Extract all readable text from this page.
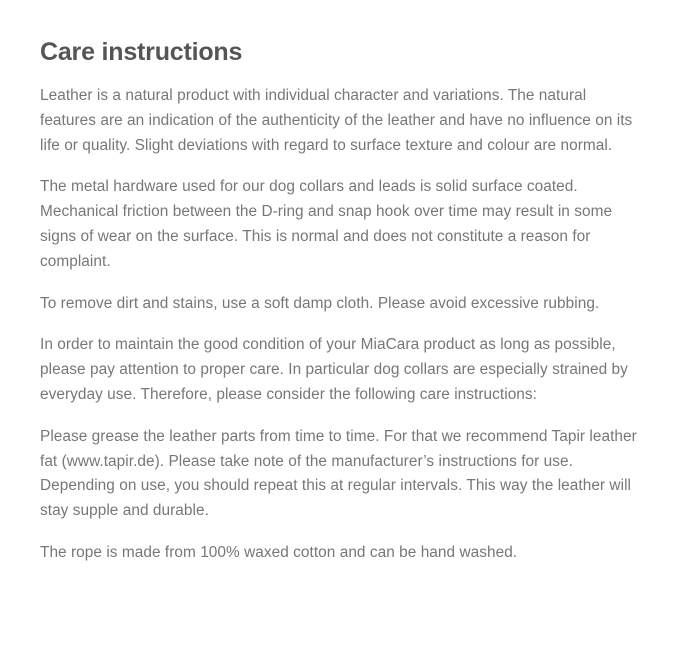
Care instructions

Leather is a natural product with individual character and variations. The natural features are an indication of the authenticity of the leather and have no influence on its life or quality. Slight deviations with regard to surface texture and colour are normal.

The metal hardware used for our dog collars and leads is solid surface coated. Mechanical friction between the D-ring and snap hook over time may result in some signs of wear on the surface. This is normal and does not constitute a reason for complaint.

To remove dirt and stains, use a soft damp cloth. Please avoid excessive rubbing.

In order to maintain the good condition of your MiaCara product as long as possible, please pay attention to proper care. In particular dog collars are especially strained by everyday use. Therefore, please consider the following care instructions:

Please grease the leather parts from time to time. For that we recommend Tapir leather fat (www.tapir.de). Please take note of the manufacturer’s instructions for use. Depending on use, you should repeat this at regular intervals. This way the leather will stay supple and durable.

The rope is made from 100% waxed cotton and can be hand washed.
